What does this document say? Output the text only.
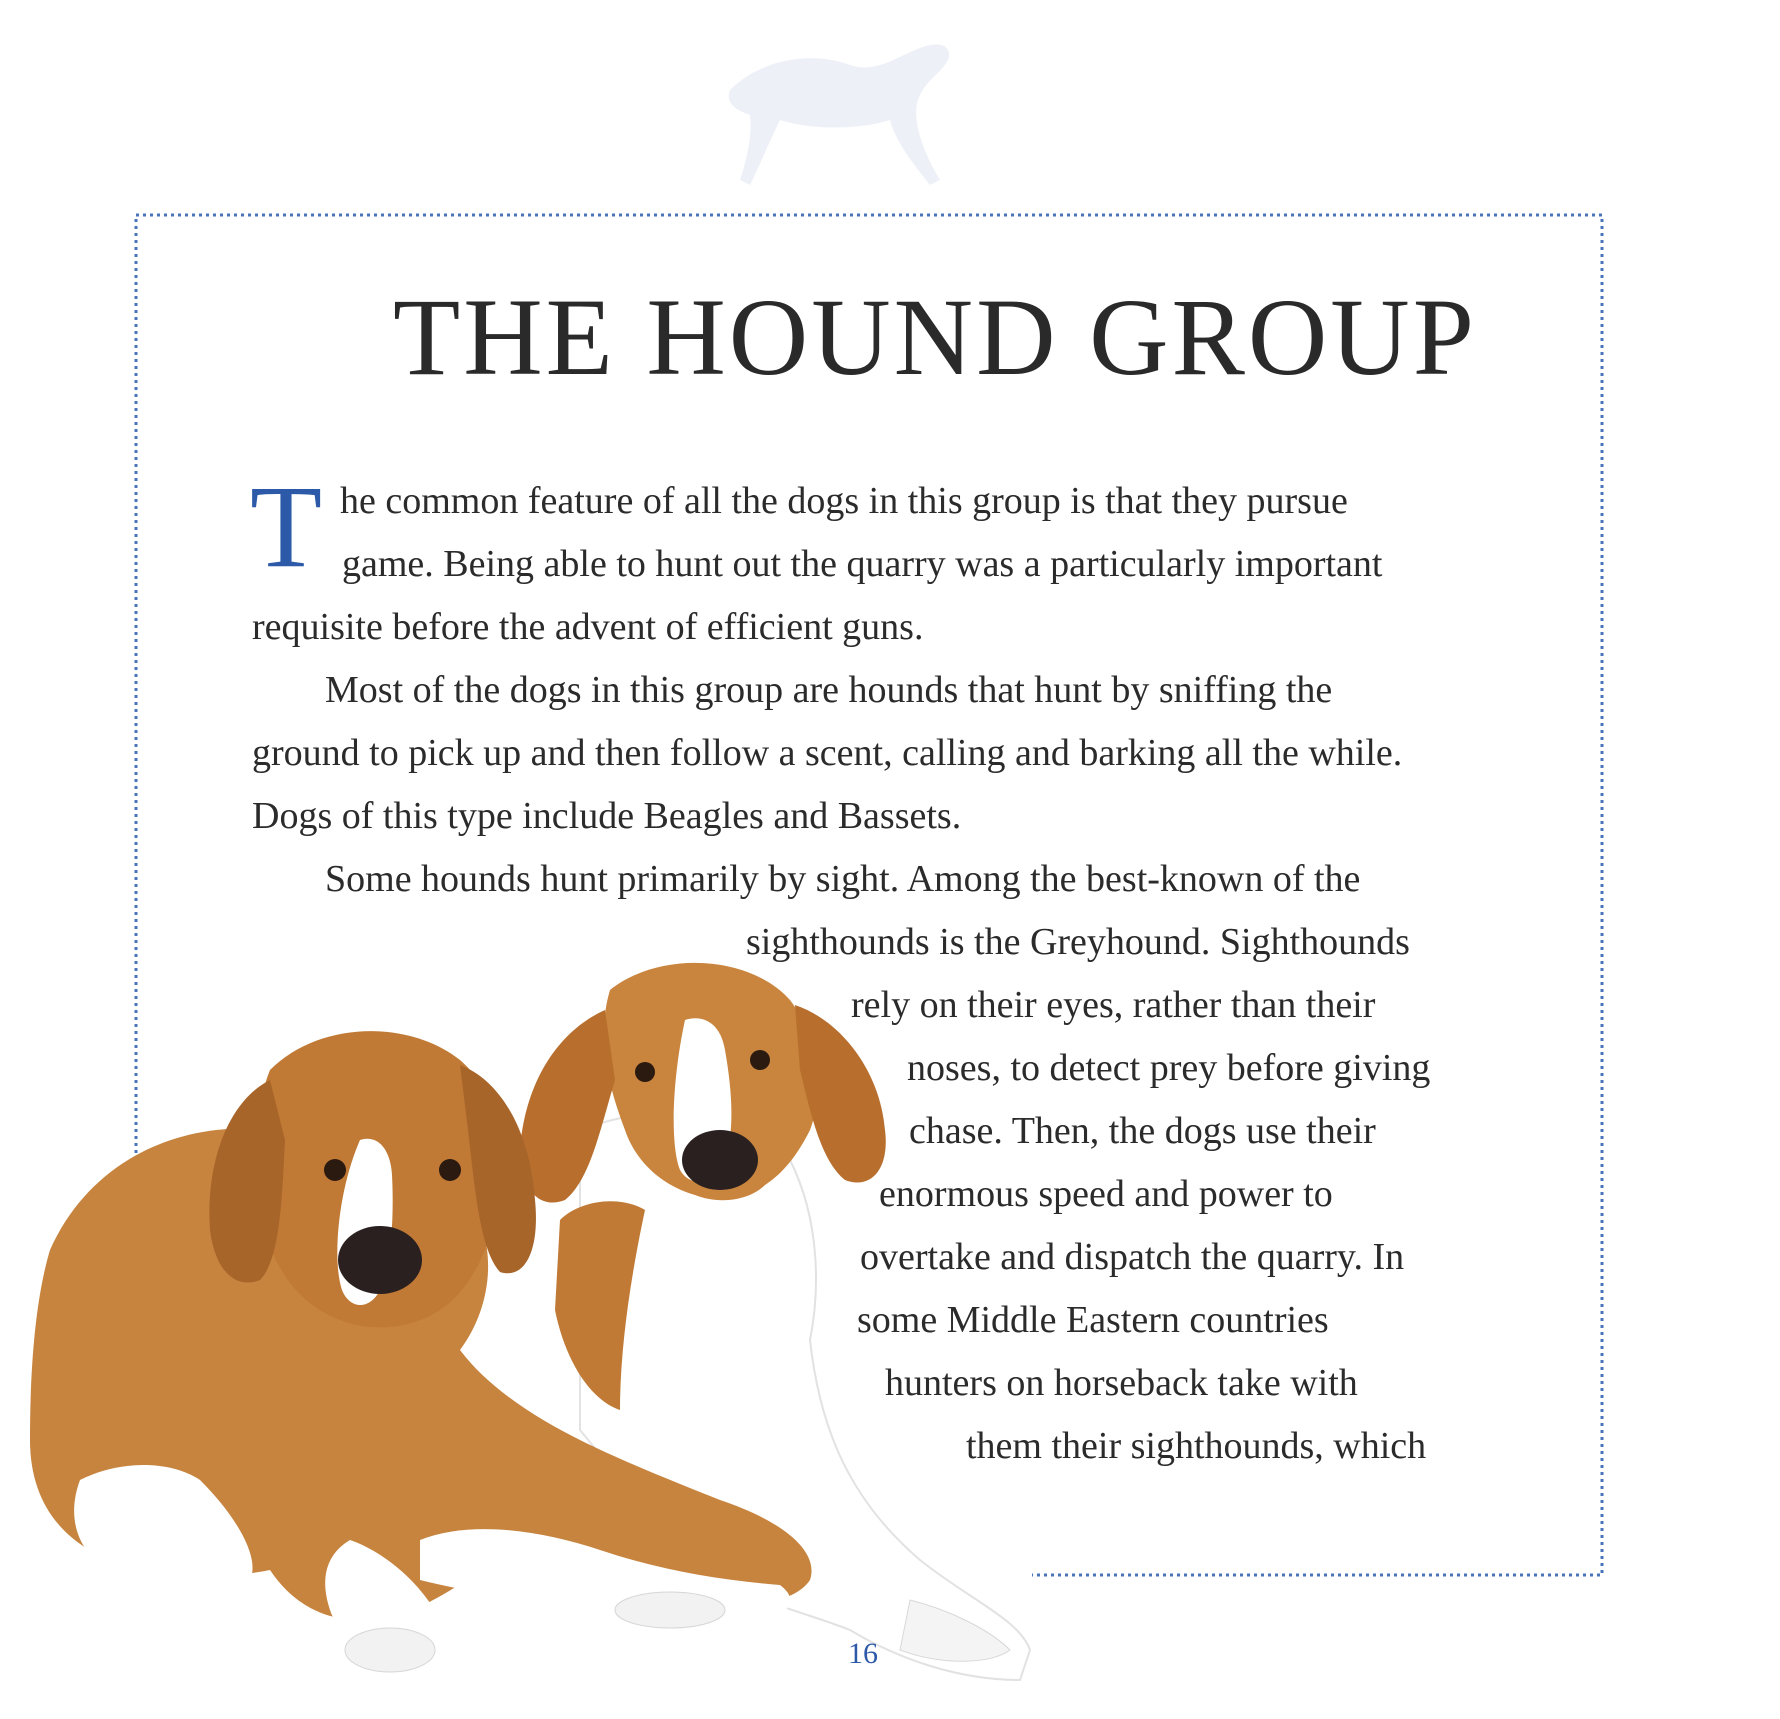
THE HOUND GROUP
T he common feature of all the dogs in this group is that they pursue
game. Being able to hunt out the quarry was a particularly important
requisite before the advent of efficient guns.
Most of the dogs in this group are hounds that hunt by sniffing the
ground to pick up and then follow a scent, calling and barking all the while.
Dogs of this type include Beagles and Bassets.
Some hounds hunt primarily by sight. Among the best-known of the
sighthounds is the Greyhound. Sighthounds
rely on their eyes, rather than their
noses, to detect prey before giving
chase. Then, the dogs use their
enormous speed and power to
overtake and dispatch the quarry. In
some Middle Eastern countries
hunters on horseback take with
them their sighthounds, which
16
